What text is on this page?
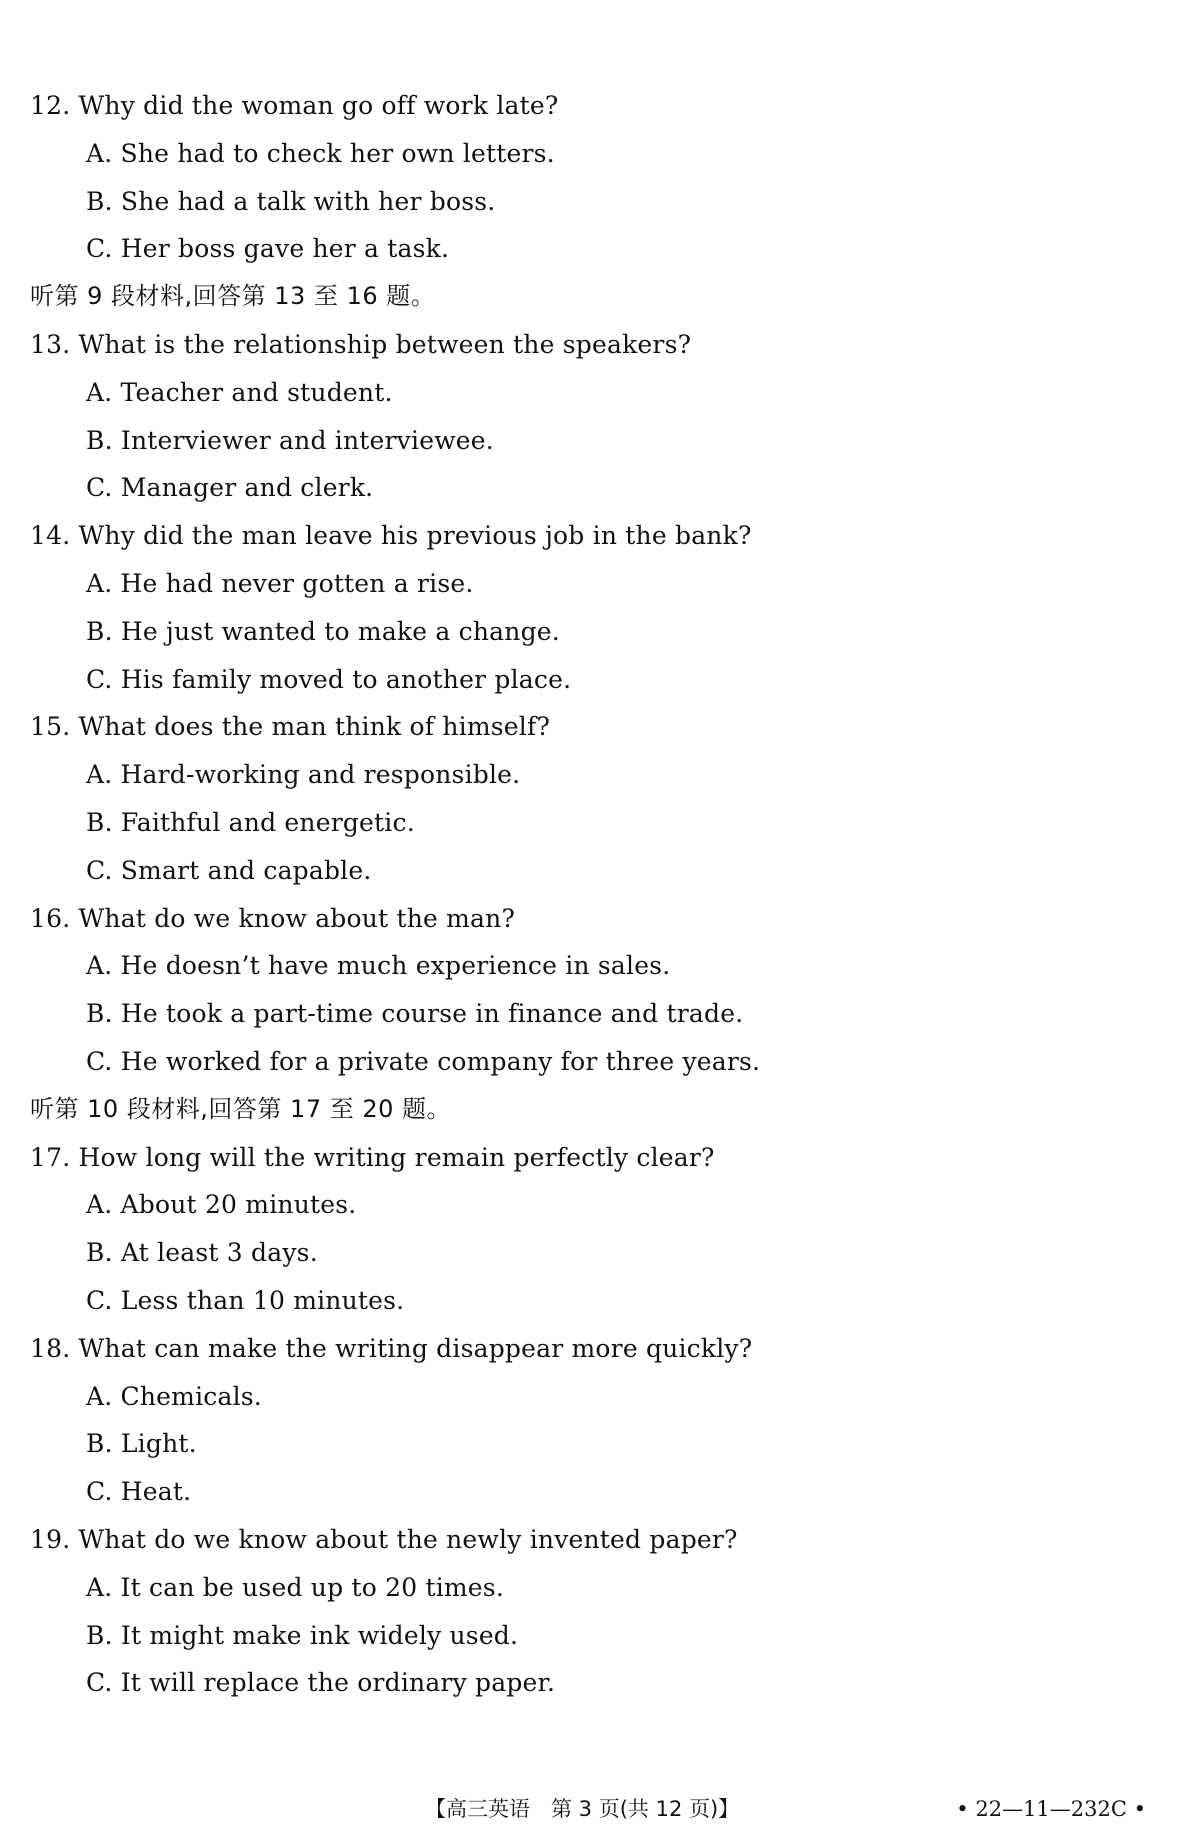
12. Why did the woman go off work late?
A. She had to check her own letters.
B. She had a talk with her boss.
C. Her boss gave her a task.
听第 9 段材料,回答第 13 至 16 题。
13. What is the relationship between the speakers?
A. Teacher and student.
B. Interviewer and interviewee.
C. Manager and clerk.
14. Why did the man leave his previous job in the bank?
A. He had never gotten a rise.
B. He just wanted to make a change.
C. His family moved to another place.
15. What does the man think of himself?
A. Hard-working and responsible.
B. Faithful and energetic.
C. Smart and capable.
16. What do we know about the man?
A. He doesn’t have much experience in sales.
B. He took a part-time course in finance and trade.
C. He worked for a private company for three years.
听第 10 段材料,回答第 17 至 20 题。
17. How long will the writing remain perfectly clear?
A. About 20 minutes.
B. At least 3 days.
C. Less than 10 minutes.
18. What can make the writing disappear more quickly?
A. Chemicals.
B. Light.
C. Heat.
19. What do we know about the newly invented paper?
A. It can be used up to 20 times.
B. It might make ink widely used.
C. It will replace the ordinary paper.
【高三英语　第 3 页(共 12 页)】	• 22—11—232C •
